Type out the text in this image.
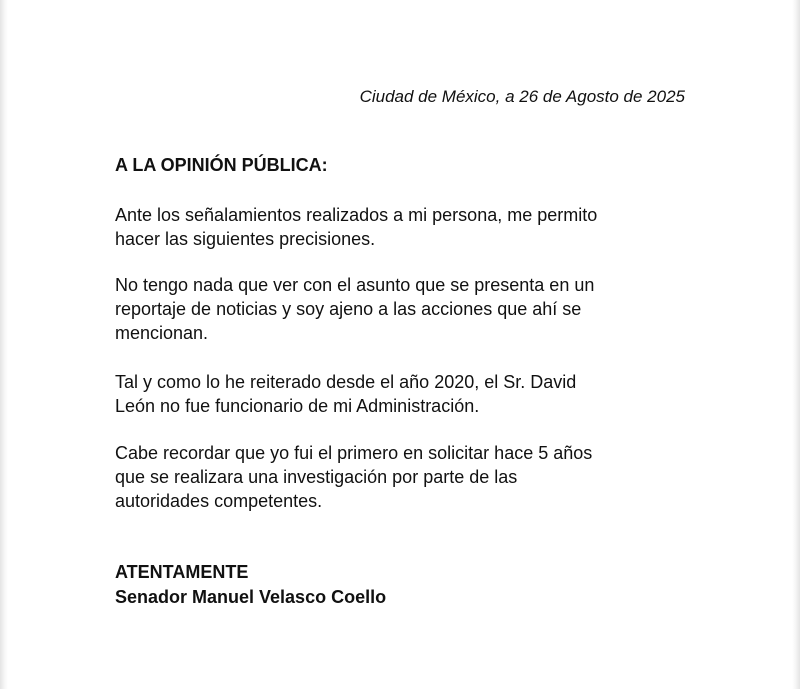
Ciudad de México, a 26 de Agosto de 2025
A LA OPINIÓN PÚBLICA:

Ante los señalamientos realizados a mi persona, me permito
hacer las siguientes precisiones.

No tengo nada que ver con el asunto que se presenta en un
reportaje de noticias y soy ajeno a las acciones que ahí se
mencionan.

Tal y como lo he reiterado desde el año 2020, el Sr. David
León no fue funcionario de mi Administración.

Cabe recordar que yo fui el primero en solicitar hace 5 años
que se realizara una investigación por parte de las
autoridades competentes.

ATENTAMENTE
Senador Manuel Velasco Coello
